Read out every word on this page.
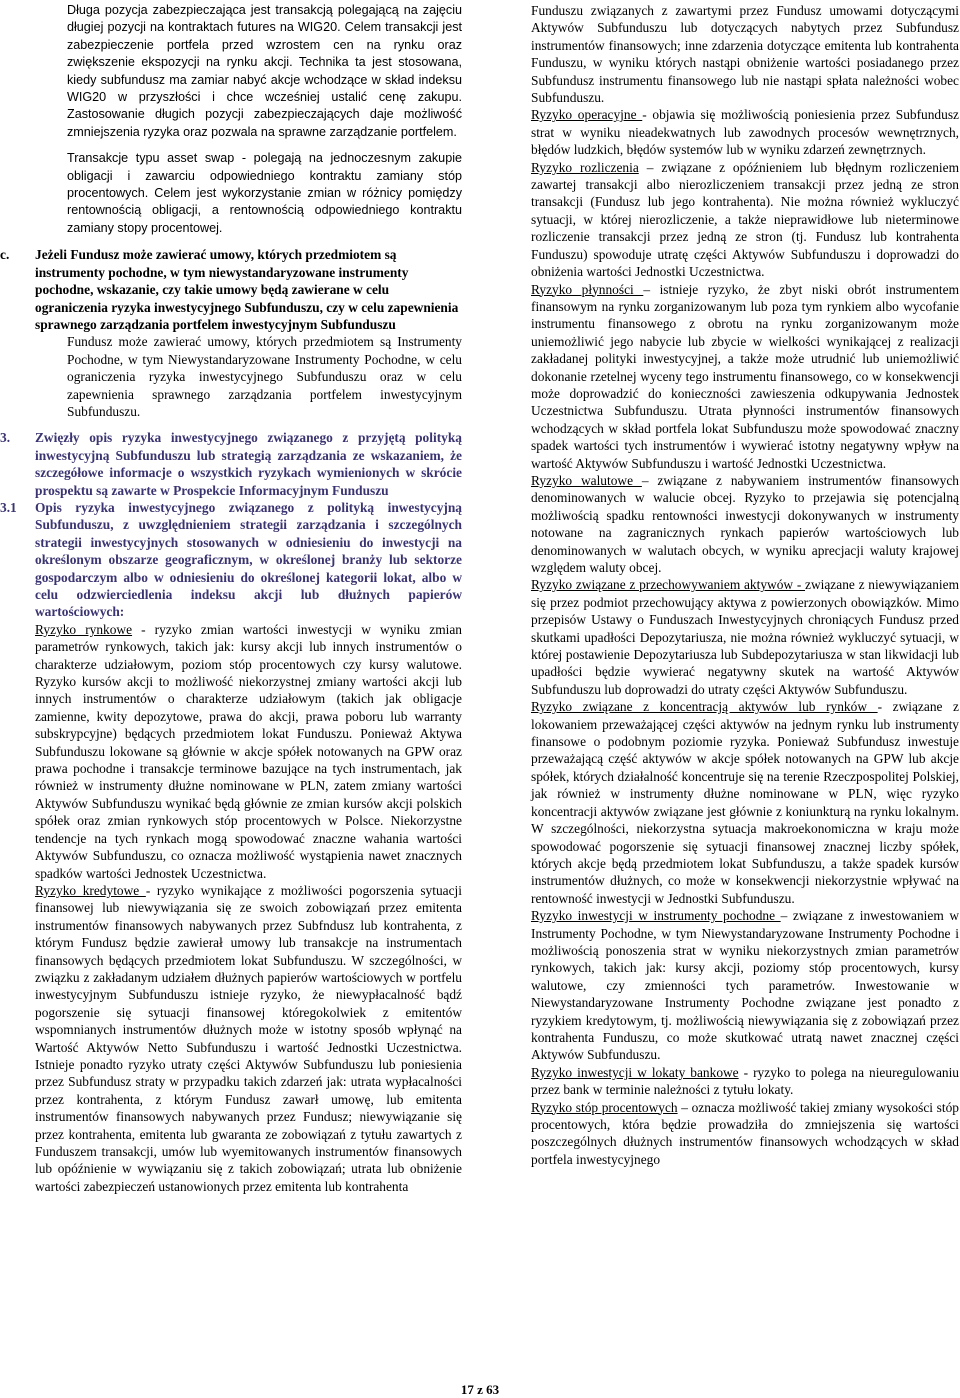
Długa pozycja zabezpieczająca jest transakcją polegającą na zajęciu długiej pozycji na kontraktach futures na WIG20. Celem transakcji jest zabezpieczenie portfela przed wzrostem cen na rynku oraz zwiększenie ekspozycji na rynku akcji. Technika ta jest stosowana, kiedy subfundusz ma zamiar nabyć akcje wchodzące w skład indeksu WIG20 w przyszłości i chce wcześniej ustalić cenę zakupu. Zastosowanie długich pozycji zabezpieczających daje możliwość zmniejszenia ryzyka oraz pozwala na sprawne zarządzanie portfelem.

Transakcje typu asset swap - polegają na jednoczesnym zakupie obligacji i zawarciu odpowiedniego kontraktu zamiany stóp procentowych. Celem jest wykorzystanie zmian w różnicy pomiędzy rentownością obligacji, a rentownością odpowiedniego kontraktu zamiany stopy procentowej.

c.	Jeżeli Fundusz może zawierać umowy, których przedmiotem są instrumenty pochodne, w tym niewystandaryzowane instrumenty pochodne, wskazanie, czy takie umowy będą zawierane w celu ograniczenia ryzyka inwestycyjnego Subfunduszu, czy w celu zapewnienia sprawnego zarządzania portfelem inwestycyjnym Subfunduszu

Fundusz może zawierać umowy, których przedmiotem są Instrumenty Pochodne, w tym Niewystandaryzowane Instrumenty Pochodne, w celu ograniczenia ryzyka inwestycyjnego Subfunduszu oraz w celu zapewnienia sprawnego zarządzania portfelem inwestycyjnym Subfunduszu.

3.	Zwięzły opis ryzyka inwestycyjnego związanego z przyjętą polityką inwestycyjną Subfunduszu lub strategią zarządzania ze wskazaniem, że szczegółowe informacje o wszystkich ryzykach wymienionych w skrócie prospektu są zawarte w Prospekcie Informacyjnym Funduszu
3.1	Opis ryzyka inwestycyjnego związanego z polityką inwestycyjną Subfunduszu, z uwzględnieniem strategii zarządzania i szczególnych strategii inwestycyjnych stosowanych w odniesieniu do inwestycji na określonym obszarze geograficznym, w określonej branży lub sektorze gospodarczym albo w odniesieniu do określonej kategorii lokat, albo w celu odzwierciedlenia indeksu akcji lub dłużnych papierów wartościowych:

Ryzyko rynkowe - ryzyko zmian wartości inwestycji w wyniku zmian parametrów rynkowych, takich jak: kursy akcji lub innych instrumentów o charakterze udziałowym, poziom stóp procentowych czy kursy walutowe. Ryzyko kursów akcji to możliwość niekorzystnej zmiany wartości akcji lub innych instrumentów o charakterze udziałowym (takich jak obligacje zamienne, kwity depozytowe, prawa do akcji, prawa poboru lub warranty subskrypcyjne) będących przedmiotem lokat Funduszu. Ponieważ Aktywa Subfunduszu lokowane są głównie w akcje spółek notowanych na GPW oraz prawa pochodne i transakcje terminowe bazujące na tych instrumentach, jak również w instrumenty dłużne nominowane w PLN, zatem zmiany wartości Aktywów Subfunduszu wynikać będą głównie ze zmian kursów akcji polskich spółek oraz zmian rynkowych stóp procentowych w Polsce. Niekorzystne tendencje na tych rynkach mogą spowodować znaczne wahania wartości Aktywów Subfunduszu, co oznacza możliwość wystąpienia nawet znacznych spadków wartości Jednostek Uczestnictwa.

Ryzyko kredytowe - ryzyko wynikające z możliwości pogorszenia sytuacji finansowej lub niewywiązania się ze swoich zobowiązań przez emitenta instrumentów finansowych nabywanych przez Subfndusz lub kontrahenta, z którym Fundusz będzie zawierał umowy lub transakcje na instrumentach finansowych będących przedmiotem lokat Subfunduszu. W szczególności, w związku z zakładanym udziałem dłużnych papierów wartościowych w portfelu inwestycyjnym Subfunduszu istnieje ryzyko, że niewypłacalność bądź pogorszenie się sytuacji finansowej któregokolwiek z emitentów wspomnianych instrumentów dłużnych może w istotny sposób wpłynąć na Wartość Aktywów Netto Subfunduszu i wartość Jednostki Uczestnictwa. Istnieje ponadto ryzyko utraty części Aktywów Subfunduszu lub poniesienia przez Subfundusz straty w przypadku takich zdarzeń jak: utrata wypłacalności przez kontrahenta, z którym Fundusz zawarł umowę, lub emitenta instrumentów finansowych nabywanych przez Fundusz; niewywiązanie się przez kontrahenta, emitenta lub gwaranta ze zobowiązań z tytułu zawartych z Funduszem transakcji, umów lub wyemitowanych instrumentów finansowych lub opóźnienie w wywiązaniu się z takich zobowiązań; utrata lub obniżenie wartości zabezpieczeń ustanowionych przez emitenta lub kontrahenta

Funduszu związanych z zawartymi przez Fundusz umowami dotyczącymi Aktywów Subfunduszu lub dotyczących nabytych przez Subfundusz instrumentów finansowych; inne zdarzenia dotyczące emitenta lub kontrahenta Funduszu, w wyniku których nastąpi obniżenie wartości posiadanego przez Subfundusz instrumentu finansowego lub nie nastąpi spłata należności wobec Subfunduszu.

Ryzyko operacyjne - objawia się możliwością poniesienia przez Subfundusz strat w wyniku nieadekwatnych lub zawodnych procesów wewnętrznych, błędów ludzkich, błędów systemów lub w wyniku zdarzeń zewnętrznych.

Ryzyko rozliczenia – związane z opóźnieniem lub błędnym rozliczeniem zawartej transakcji albo nierozliczeniem transakcji przez jedną ze stron transakcji (Fundusz lub jego kontrahenta). Nie można również wykluczyć sytuacji, w której nierozliczenie, a także nieprawidłowe lub nieterminowe rozliczenie transakcji przez jedną ze stron (tj. Fundusz lub kontrahenta Funduszu) spowoduje utratę części Aktywów Subfunduszu i doprowadzi do obniżenia wartości Jednostki Uczestnictwa.

Ryzyko płynności – istnieje ryzyko, że zbyt niski obrót instrumentem finansowym na rynku zorganizowanym lub poza tym rynkiem albo wycofanie instrumentu finansowego z obrotu na rynku zorganizowanym może uniemożliwić jego nabycie lub zbycie w wielkości wynikającej z realizacji zakładanej polityki inwestycyjnej, a także może utrudnić lub uniemożliwić dokonanie rzetelnej wyceny tego instrumentu finansowego, co w konsekwencji może doprowadzić do konieczności zawieszenia odkupywania Jednostek Uczestnictwa Subfunduszu. Utrata płynności instrumentów finansowych wchodzących w skład portfela lokat Subfunduszu może spowodować znaczny spadek wartości tych instrumentów i wywierać istotny negatywny wpływ na wartość Aktywów Subfunduszu i wartość Jednostki Uczestnictwa.

Ryzyko walutowe – związane z nabywaniem instrumentów finansowych denominowanych w walucie obcej. Ryzyko to przejawia się potencjalną możliwością spadku rentowności inwestycji dokonywanych w instrumenty notowane na zagranicznych rynkach papierów wartościowych lub denominowanych w walutach obcych, w wyniku aprecjacji waluty krajowej względem waluty obcej.

Ryzyko związane z przechowywaniem aktywów - związane z niewywiązaniem się przez podmiot przechowujący aktywa z powierzonych obowiązków. Mimo przepisów Ustawy o Funduszach Inwestycyjnych chroniących Fundusz przed skutkami upadłości Depozytariusza, nie można również wykluczyć sytuacji, w której postawienie Depozytariusza lub Subdepozytariusza w stan likwidacji lub upadłości będzie wywierać negatywny skutek na wartość Aktywów Subfunduszu lub doprowadzi do utraty części Aktywów Subfunduszu.

Ryzyko związane z koncentracją aktywów lub rynków - związane z lokowaniem przeważającej części aktywów na jednym rynku lub instrumenty finansowe o podobnym poziomie ryzyka. Ponieważ Subfundusz inwestuje przeważającą część aktywów w akcje spółek notowanych na GPW lub akcje spółek, których działalność koncentruje się na terenie Rzeczpospolitej Polskiej, jak również w instrumenty dłużne nominowane w PLN, więc ryzyko koncentracji aktywów związane jest głównie z koniunkturą na rynku lokalnym. W szczególności, niekorzystna sytuacja makroekonomiczna w kraju może spowodować pogorszenie się sytuacji finansowej znacznej liczby spółek, których akcje będą przedmiotem lokat Subfunduszu, a także spadek kursów instrumentów dłużnych, co może w konsekwencji niekorzystnie wpływać na rentowność inwestycji w Jednostki Subfunduszu.

Ryzyko inwestycji w instrumenty pochodne – związane z inwestowaniem w Instrumenty Pochodne, w tym Niewystandaryzowane Instrumenty Pochodne i możliwością ponoszenia strat w wyniku niekorzystnych zmian parametrów rynkowych, takich jak: kursy akcji, poziomy stóp procentowych, kursy walutowe, czy zmienności tych parametrów. Inwestowanie w Niewystandaryzowane Instrumenty Pochodne związane jest ponadto z ryzykiem kredytowym, tj. możliwością niewywiązania się z zobowiązań przez kontrahenta Funduszu, co może skutkować utratą nawet znacznej części Aktywów Subfunduszu.

Ryzyko inwestycji w lokaty bankowe - ryzyko to polega na nieuregulowaniu przez bank w terminie należności z tytułu lokaty.

Ryzyko stóp procentowych – oznacza możliwość takiej zmiany wysokości stóp procentowych, która będzie prowadziła do zmniejszenia się wartości poszczególnych dłużnych instrumentów finansowych wchodzących w skład portfela inwestycyjnego

17 z 63
